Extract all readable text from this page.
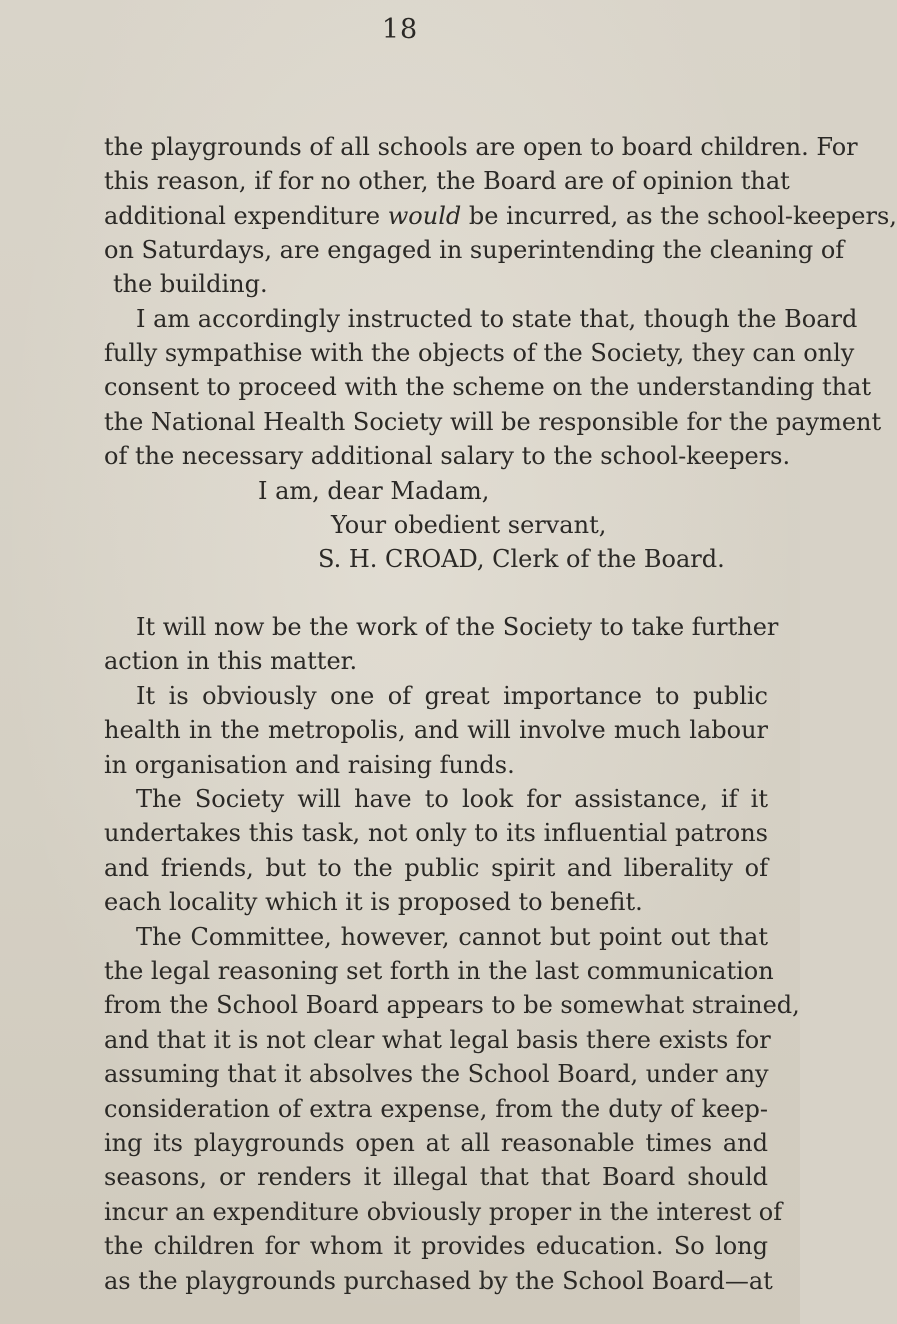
18
the playgrounds of all schools are open to board children. For
this reason, if for no other, the Board are of opinion that
additional expenditure would be incurred, as the school-keepers,
on Saturdays, are engaged in superintending the cleaning of
the building.
I am accordingly instructed to state that, though the Board
fully sympathise with the objects of the Society, they can only
consent to proceed with the scheme on the understanding that
the National Health Society will be responsible for the payment
of the necessary additional salary to the school-keepers.
I am, dear Madam,
Your obedient servant,
S. H. CROAD, Clerk of the Board.
It will now be the work of the Society to take further
action in this matter.
It is obviously one of great importance to public
health in the metropolis, and will involve much labour
in organisation and raising funds.
The Society will have to look for assistance, if it
undertakes this task, not only to its influential patrons
and friends, but to the public spirit and liberality of
each locality which it is proposed to benefit.
The Committee, however, cannot but point out that
the legal reasoning set forth in the last communication
from the School Board appears to be somewhat strained,
and that it is not clear what legal basis there exists for
assuming that it absolves the School Board, under any
consideration of extra expense, from the duty of keep-
ing its playgrounds open at all reasonable times and
seasons, or renders it illegal that that Board should
incur an expenditure obviously proper in the interest of
the children for whom it provides education. So long
as the playgrounds purchased by the School Board—at
